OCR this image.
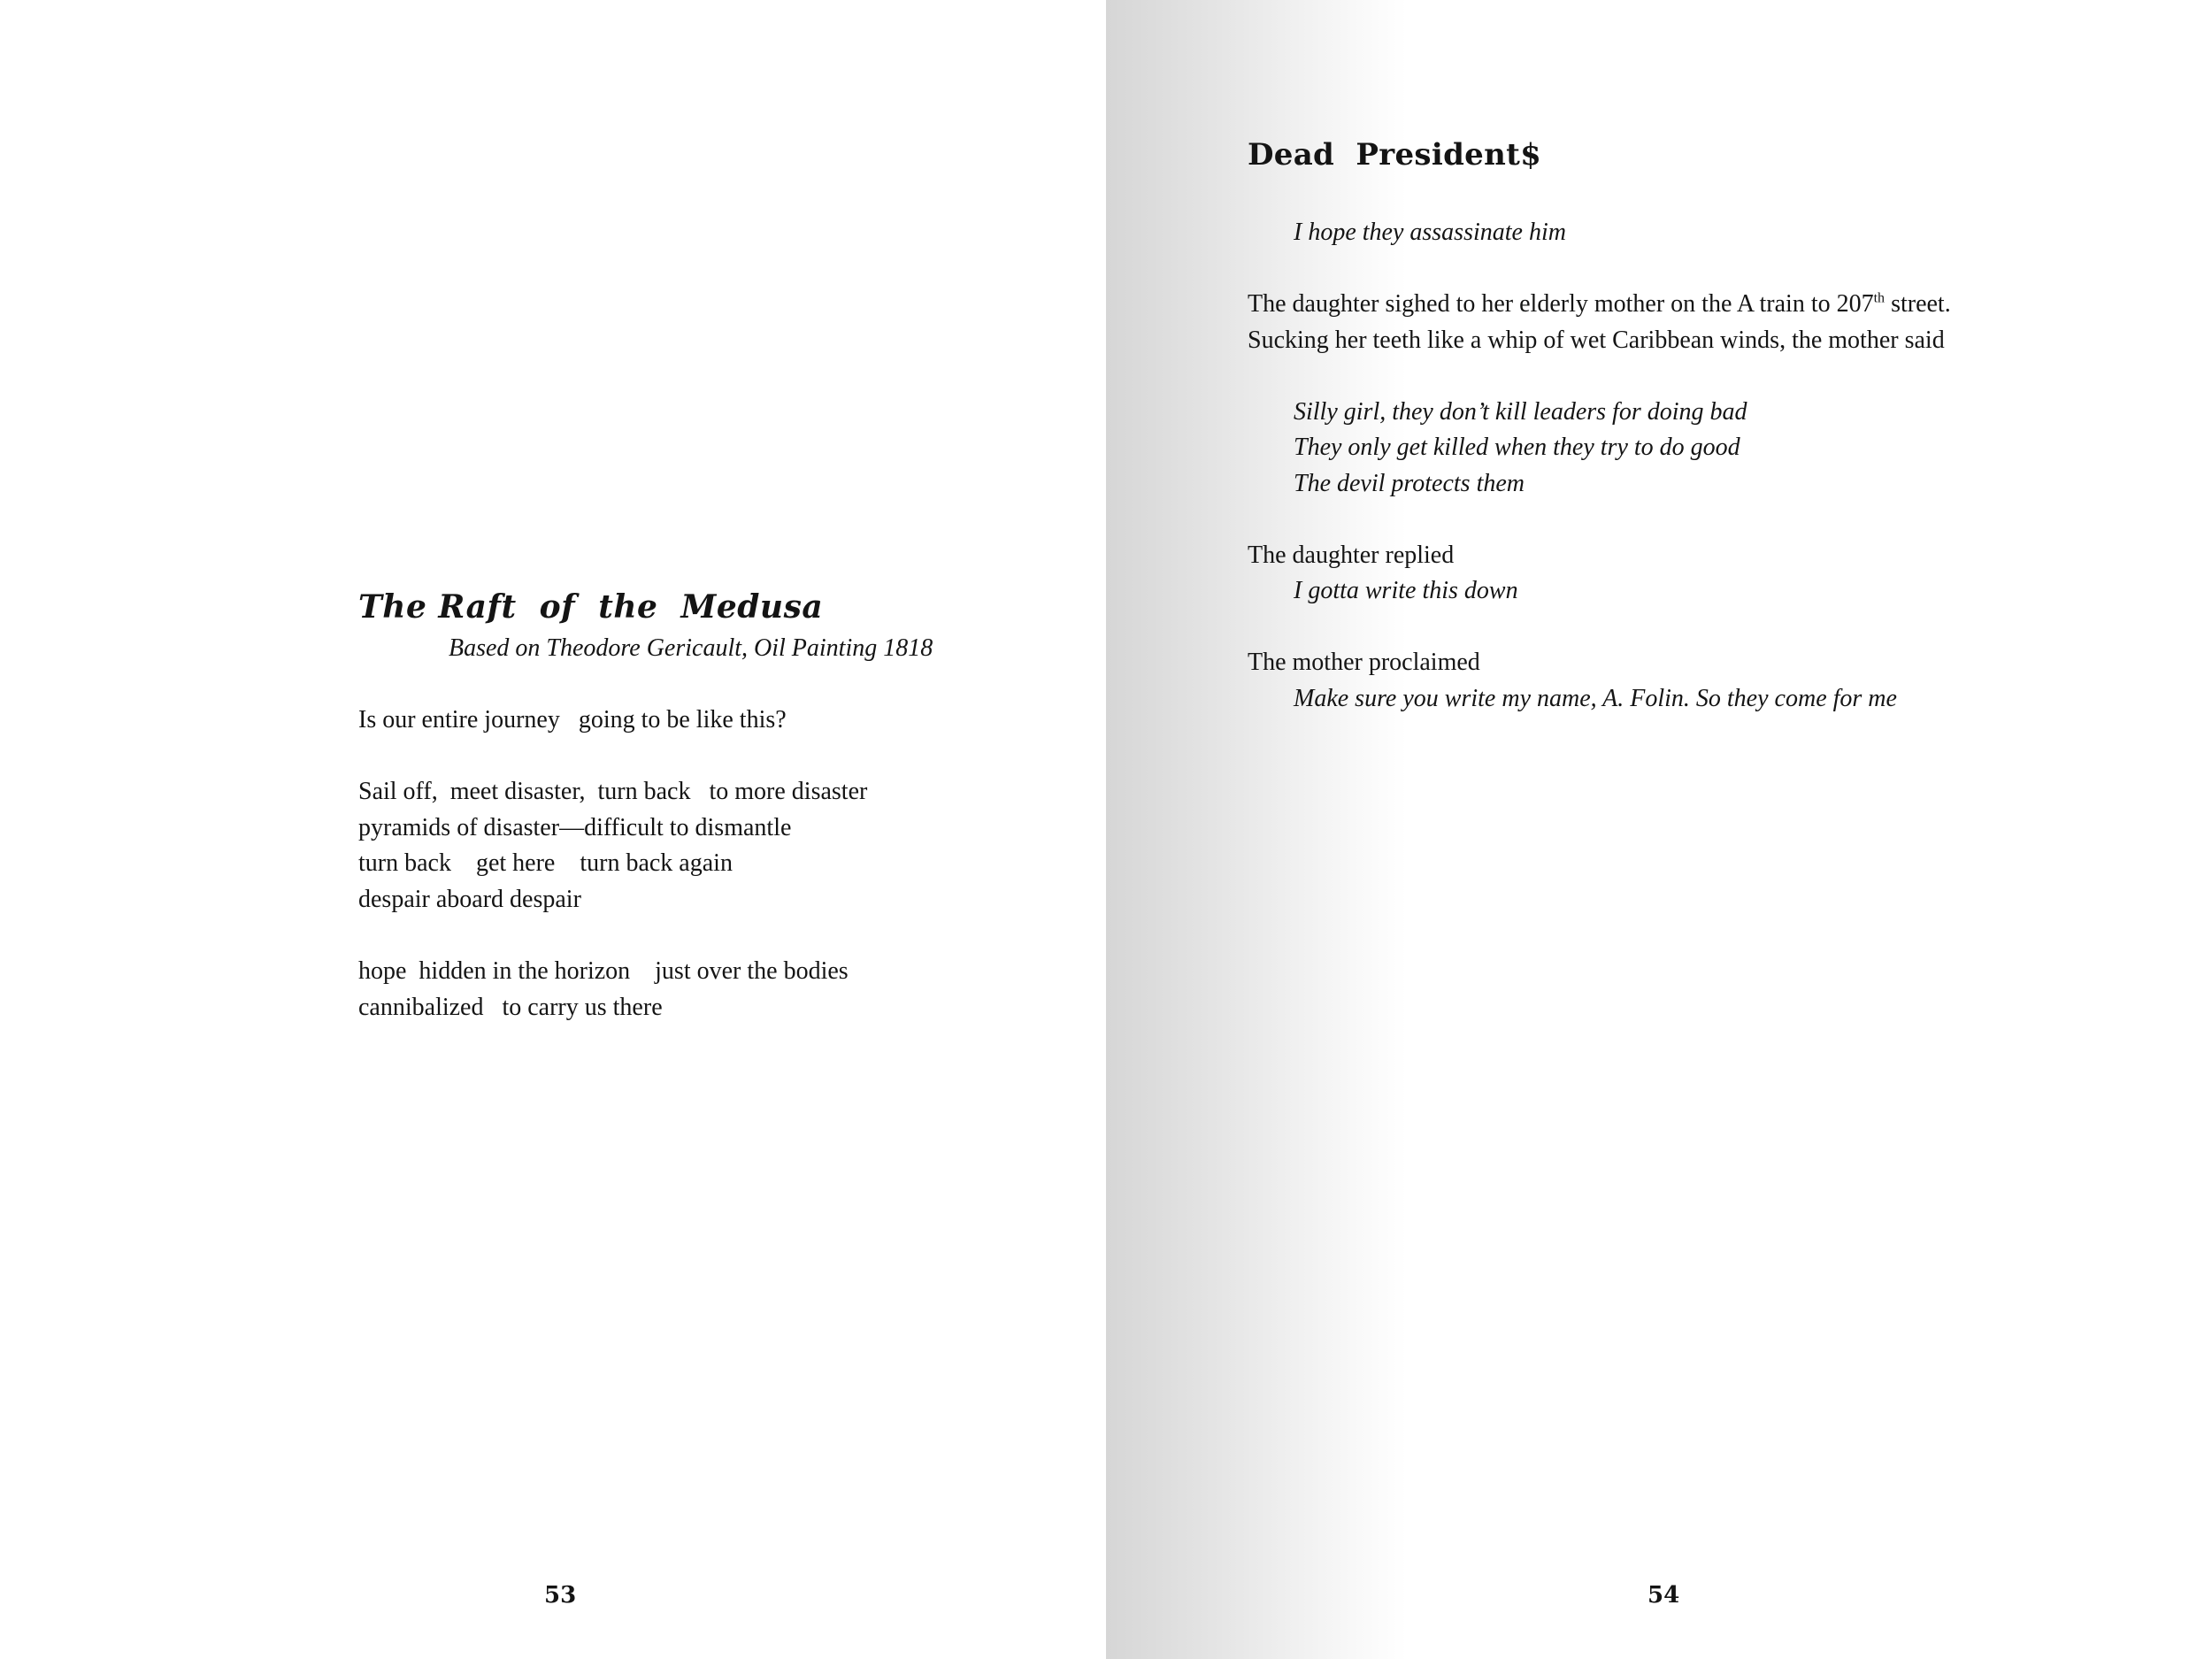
The Raft  of  the  Medusa
Based on Theodore Gericault, Oil Painting 1818
Is our entire journey   going to be like this?
Sail off,  meet disaster,  turn back   to more disaster
pyramids of disaster—difficult to dismantle
turn back    get here    turn back again
despair aboard despair
hope  hidden in the horizon    just over the bodies
cannibalized   to carry us there
53
Dead  President$
I hope they assassinate him
The daughter sighed to her elderly mother on the A train to 207th street.
Sucking her teeth like a whip of wet Caribbean winds, the mother said
Silly girl, they don’t kill leaders for doing bad
They only get killed when they try to do good
The devil protects them
The daughter replied
I gotta write this down
The mother proclaimed
Make sure you write my name, A. Folin. So they come for me
54
